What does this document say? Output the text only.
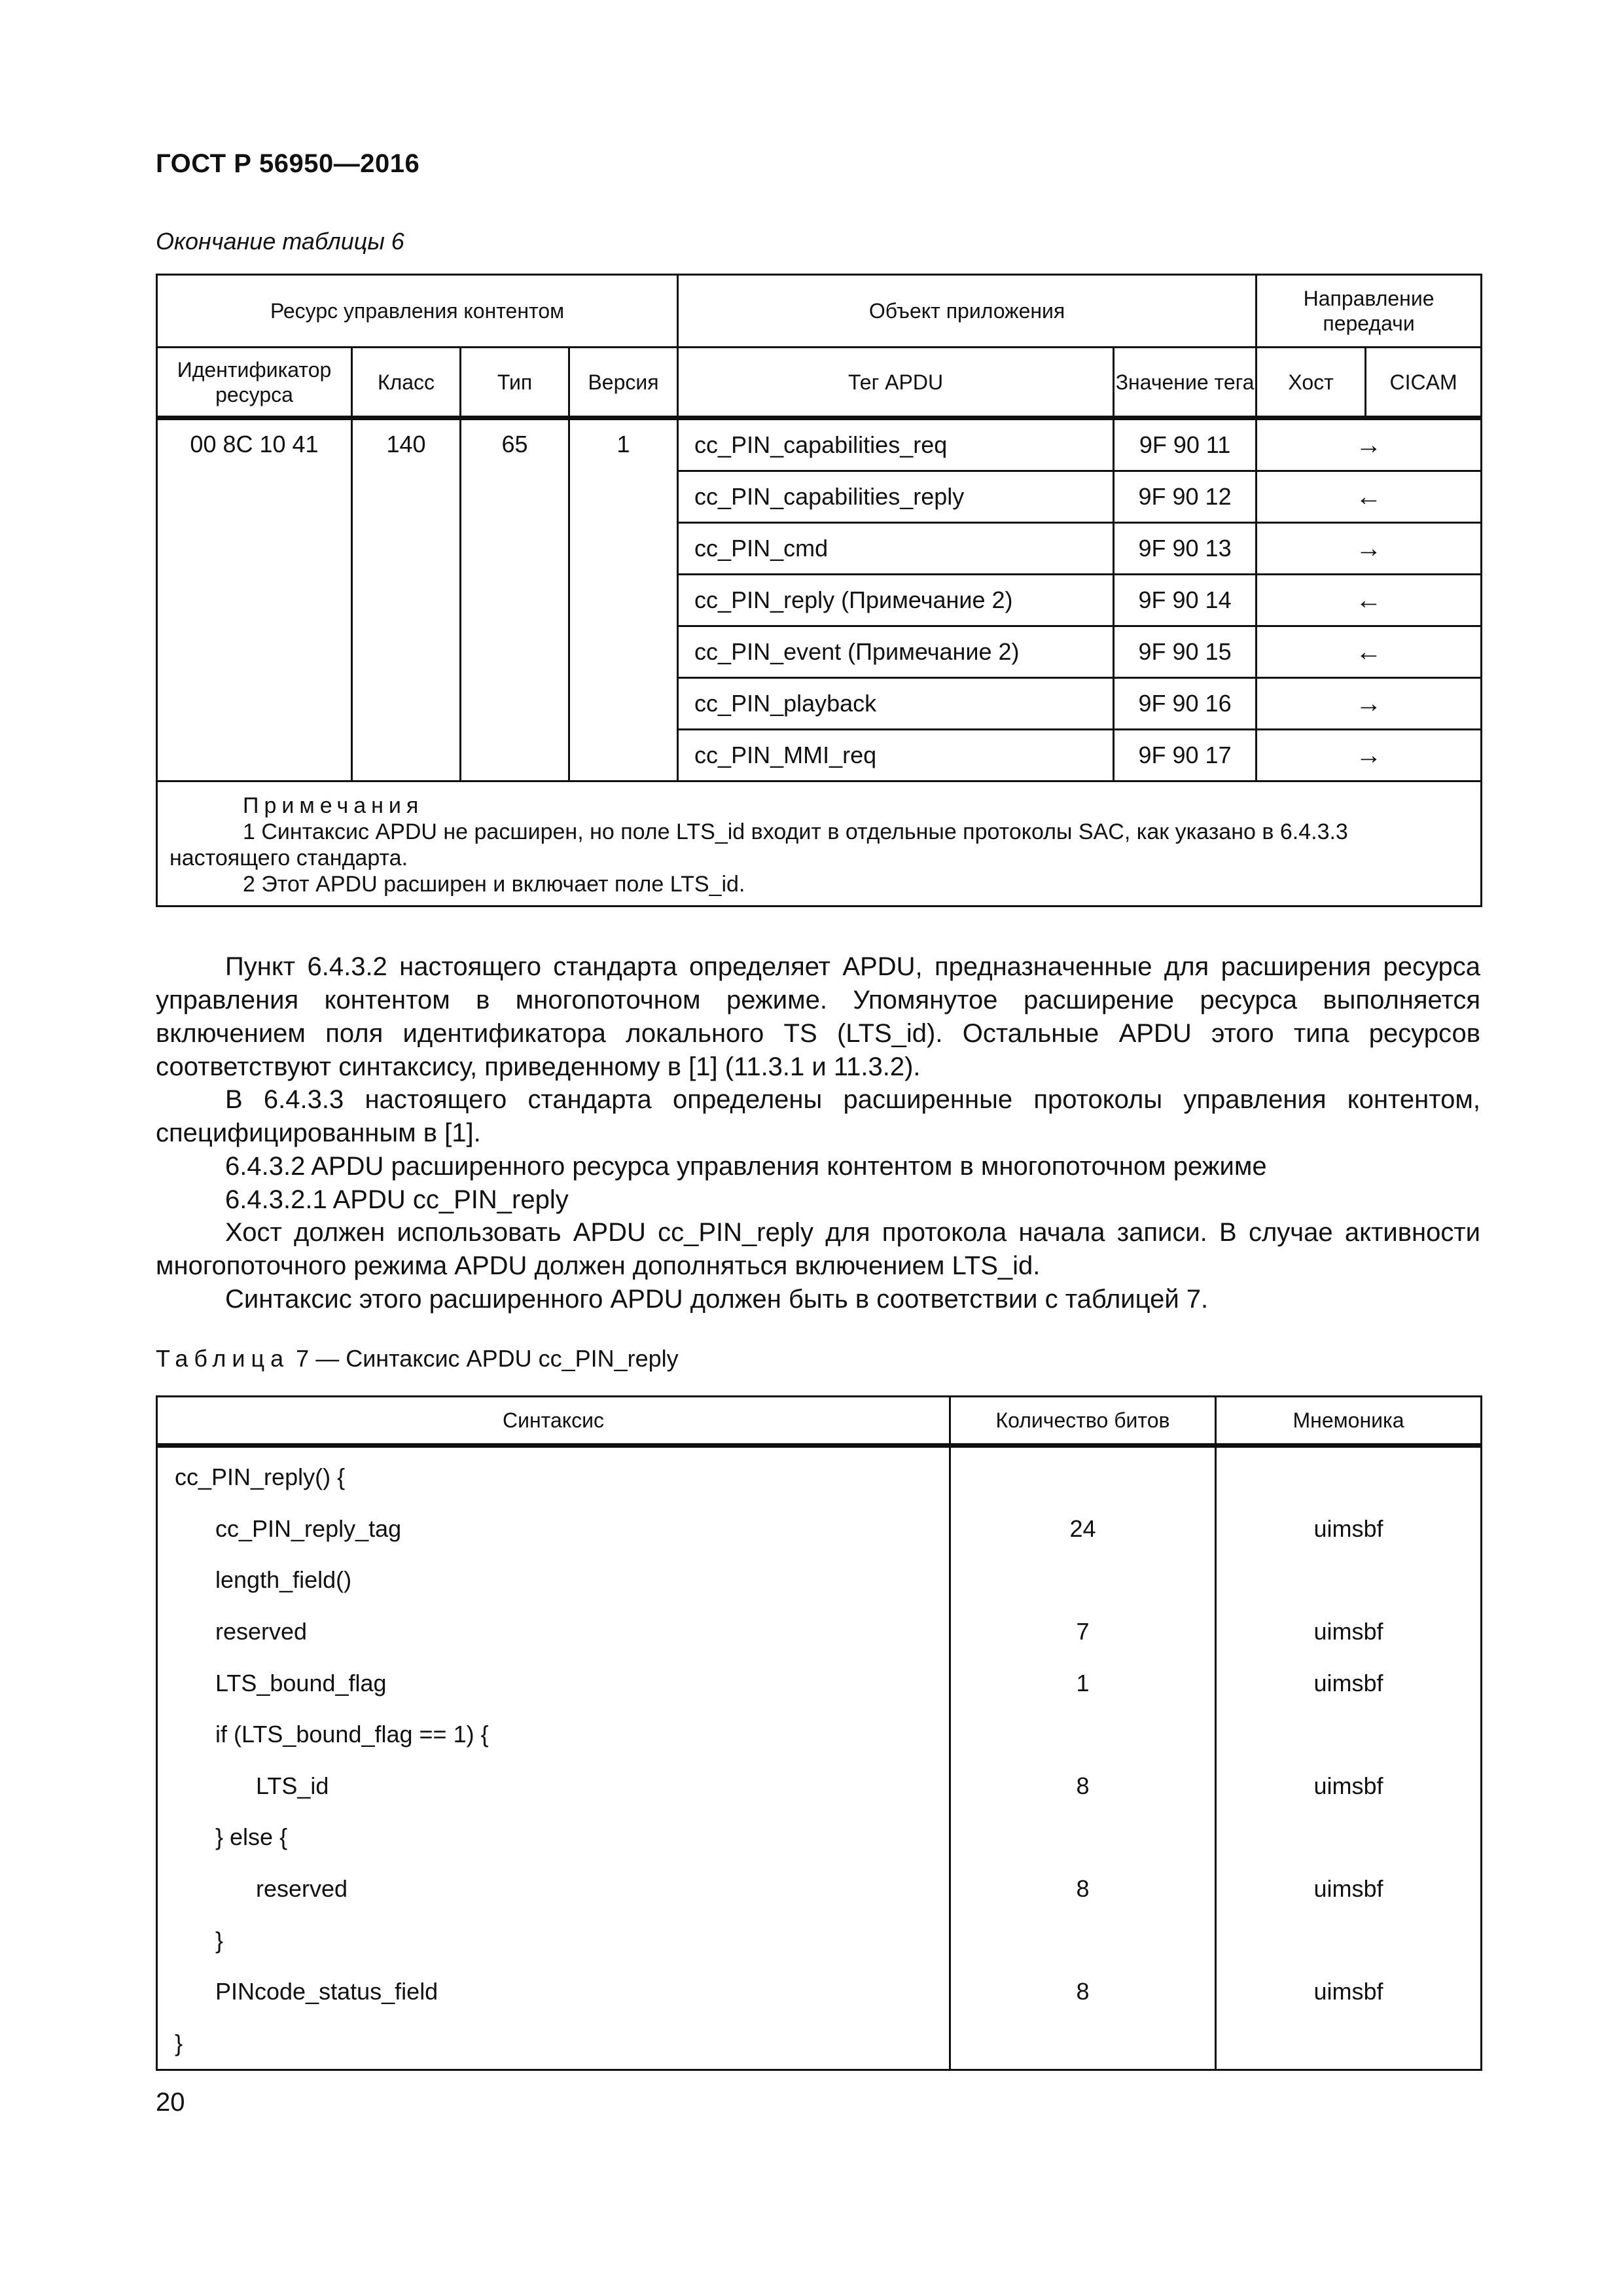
ГОСТ Р 56950—2016
Окончание таблицы 6
Ресурс управления контентом				Объект приложения		Направление передачи	
Идентификатор ресурса	Класс	Тип	Версия	Тег APDU	Значение тега	Хост	CICAM
00 8C 10 41	140	65	1	cc_PIN_capabilities_req	9F 90 11	→	
				cc_PIN_capabilities_reply	9F 90 12	←	
				cc_PIN_cmd	9F 90 13	→	
				cc_PIN_reply (Примечание 2)	9F 90 14	←	
				cc_PIN_event (Примечание 2)	9F 90 15	←	
				cc_PIN_playback	9F 90 16	→	
				cc_PIN_MMI_req	9F 90 17	→	

Примечания
1 Синтаксис APDU не расширен, но поле LTS_id входит в отдельные протоколы SAC, как указано в 6.4.3.3 настоящего стандарта.
2 Этот APDU расширен и включает поле LTS_id.							

Пункт 6.4.3.2 настоящего стандарта определяет APDU, предназначенные для расширения ресурса управления контентом в многопоточном режиме. Упомянутое расширение ресурса выполняется включением поля идентификатора локального TS (LTS_id). Остальные APDU этого типа ресурсов соответствуют синтаксису, приведенному в [1] (11.3.1 и 11.3.2).

В 6.4.3.3 настоящего стандарта определены расширенные протоколы управления контентом, специфицированным в [1].

6.4.3.2 APDU расширенного ресурса управления контентом в многопоточном режиме

6.4.3.2.1 APDU cc_PIN_reply

Хост должен использовать APDU cc_PIN_reply для протокола начала записи. В случае активности многопоточного режима APDU должен дополняться включением LTS_id.

Синтаксис этого расширенного APDU должен быть в соответствии с таблицей 7.

Таблица 7 — Синтаксис APDU cc_PIN_reply
Синтаксис	Количество битов	Мнемоника
cc_PIN_reply() {		
cc_PIN_reply_tag	24	uimsbf
length_field()		
reserved	7	uimsbf
LTS_bound_flag	1	uimsbf
if (LTS_bound_flag == 1) {		
LTS_id	8	uimsbf
} else {		
reserved	8	uimsbf
}		
PINcode_status_field	8	uimsbf
}		
20
